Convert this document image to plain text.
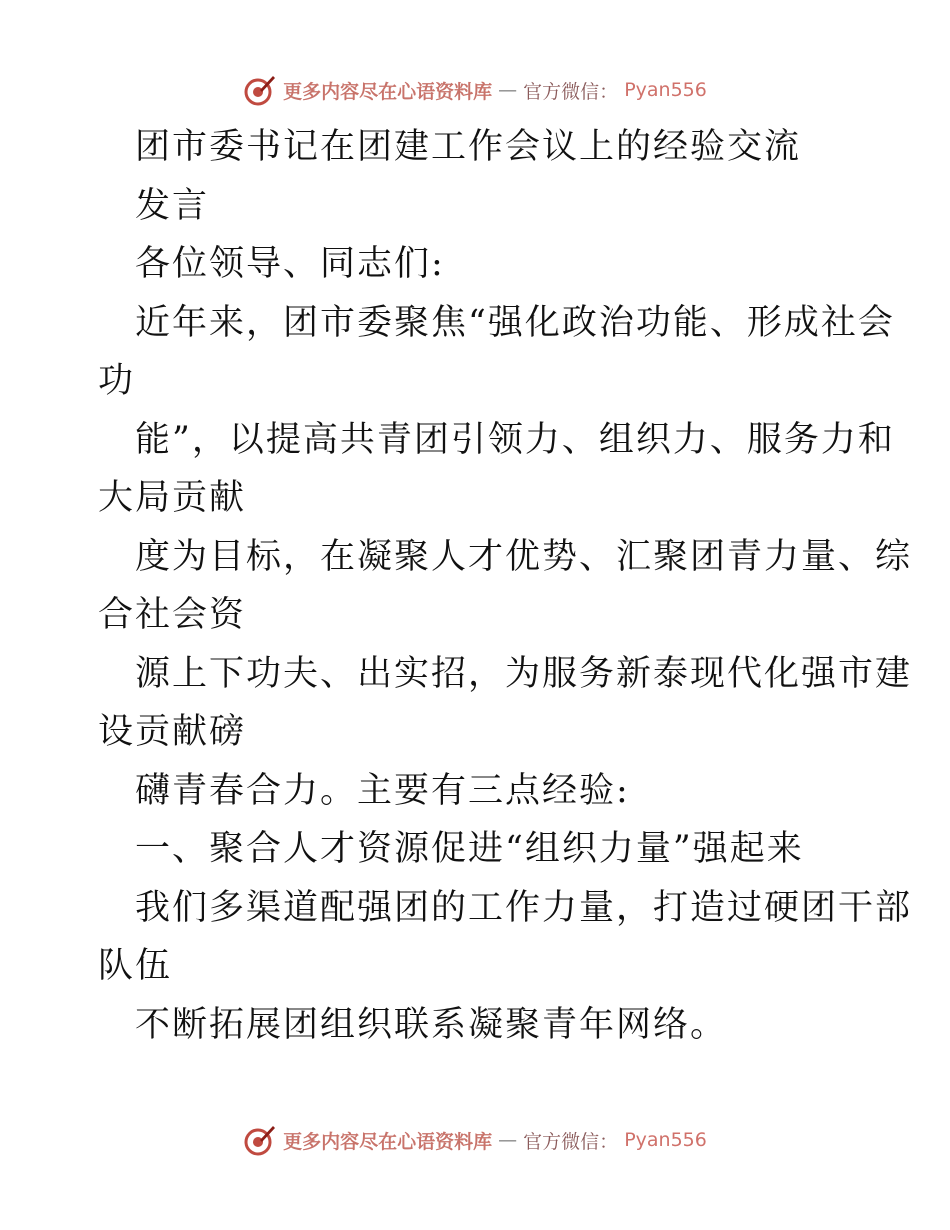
更多内容尽在心语资料库 — 官方微信： Pyan556
团市委书记在团建工作会议上的经验交流
发言
各位领导、同志们:
近年来，团市委聚焦“强化政治功能、形成社会
功
能”，以提高共青团引领力、组织力、服务力和
大局贡献
度为目标，在凝聚人才优势、汇聚团青力量、综
合社会资
源上下功夫、出实招，为服务新泰现代化强市建
设贡献磅
礴青春合力。主要有三点经验:
一、聚合人才资源促进“组织力量”强起来
我们多渠道配强团的工作力量，打造过硬团干部
队伍
不断拓展团组织联系凝聚青年网络。
更多内容尽在心语资料库 — 官方微信： Pyan556
